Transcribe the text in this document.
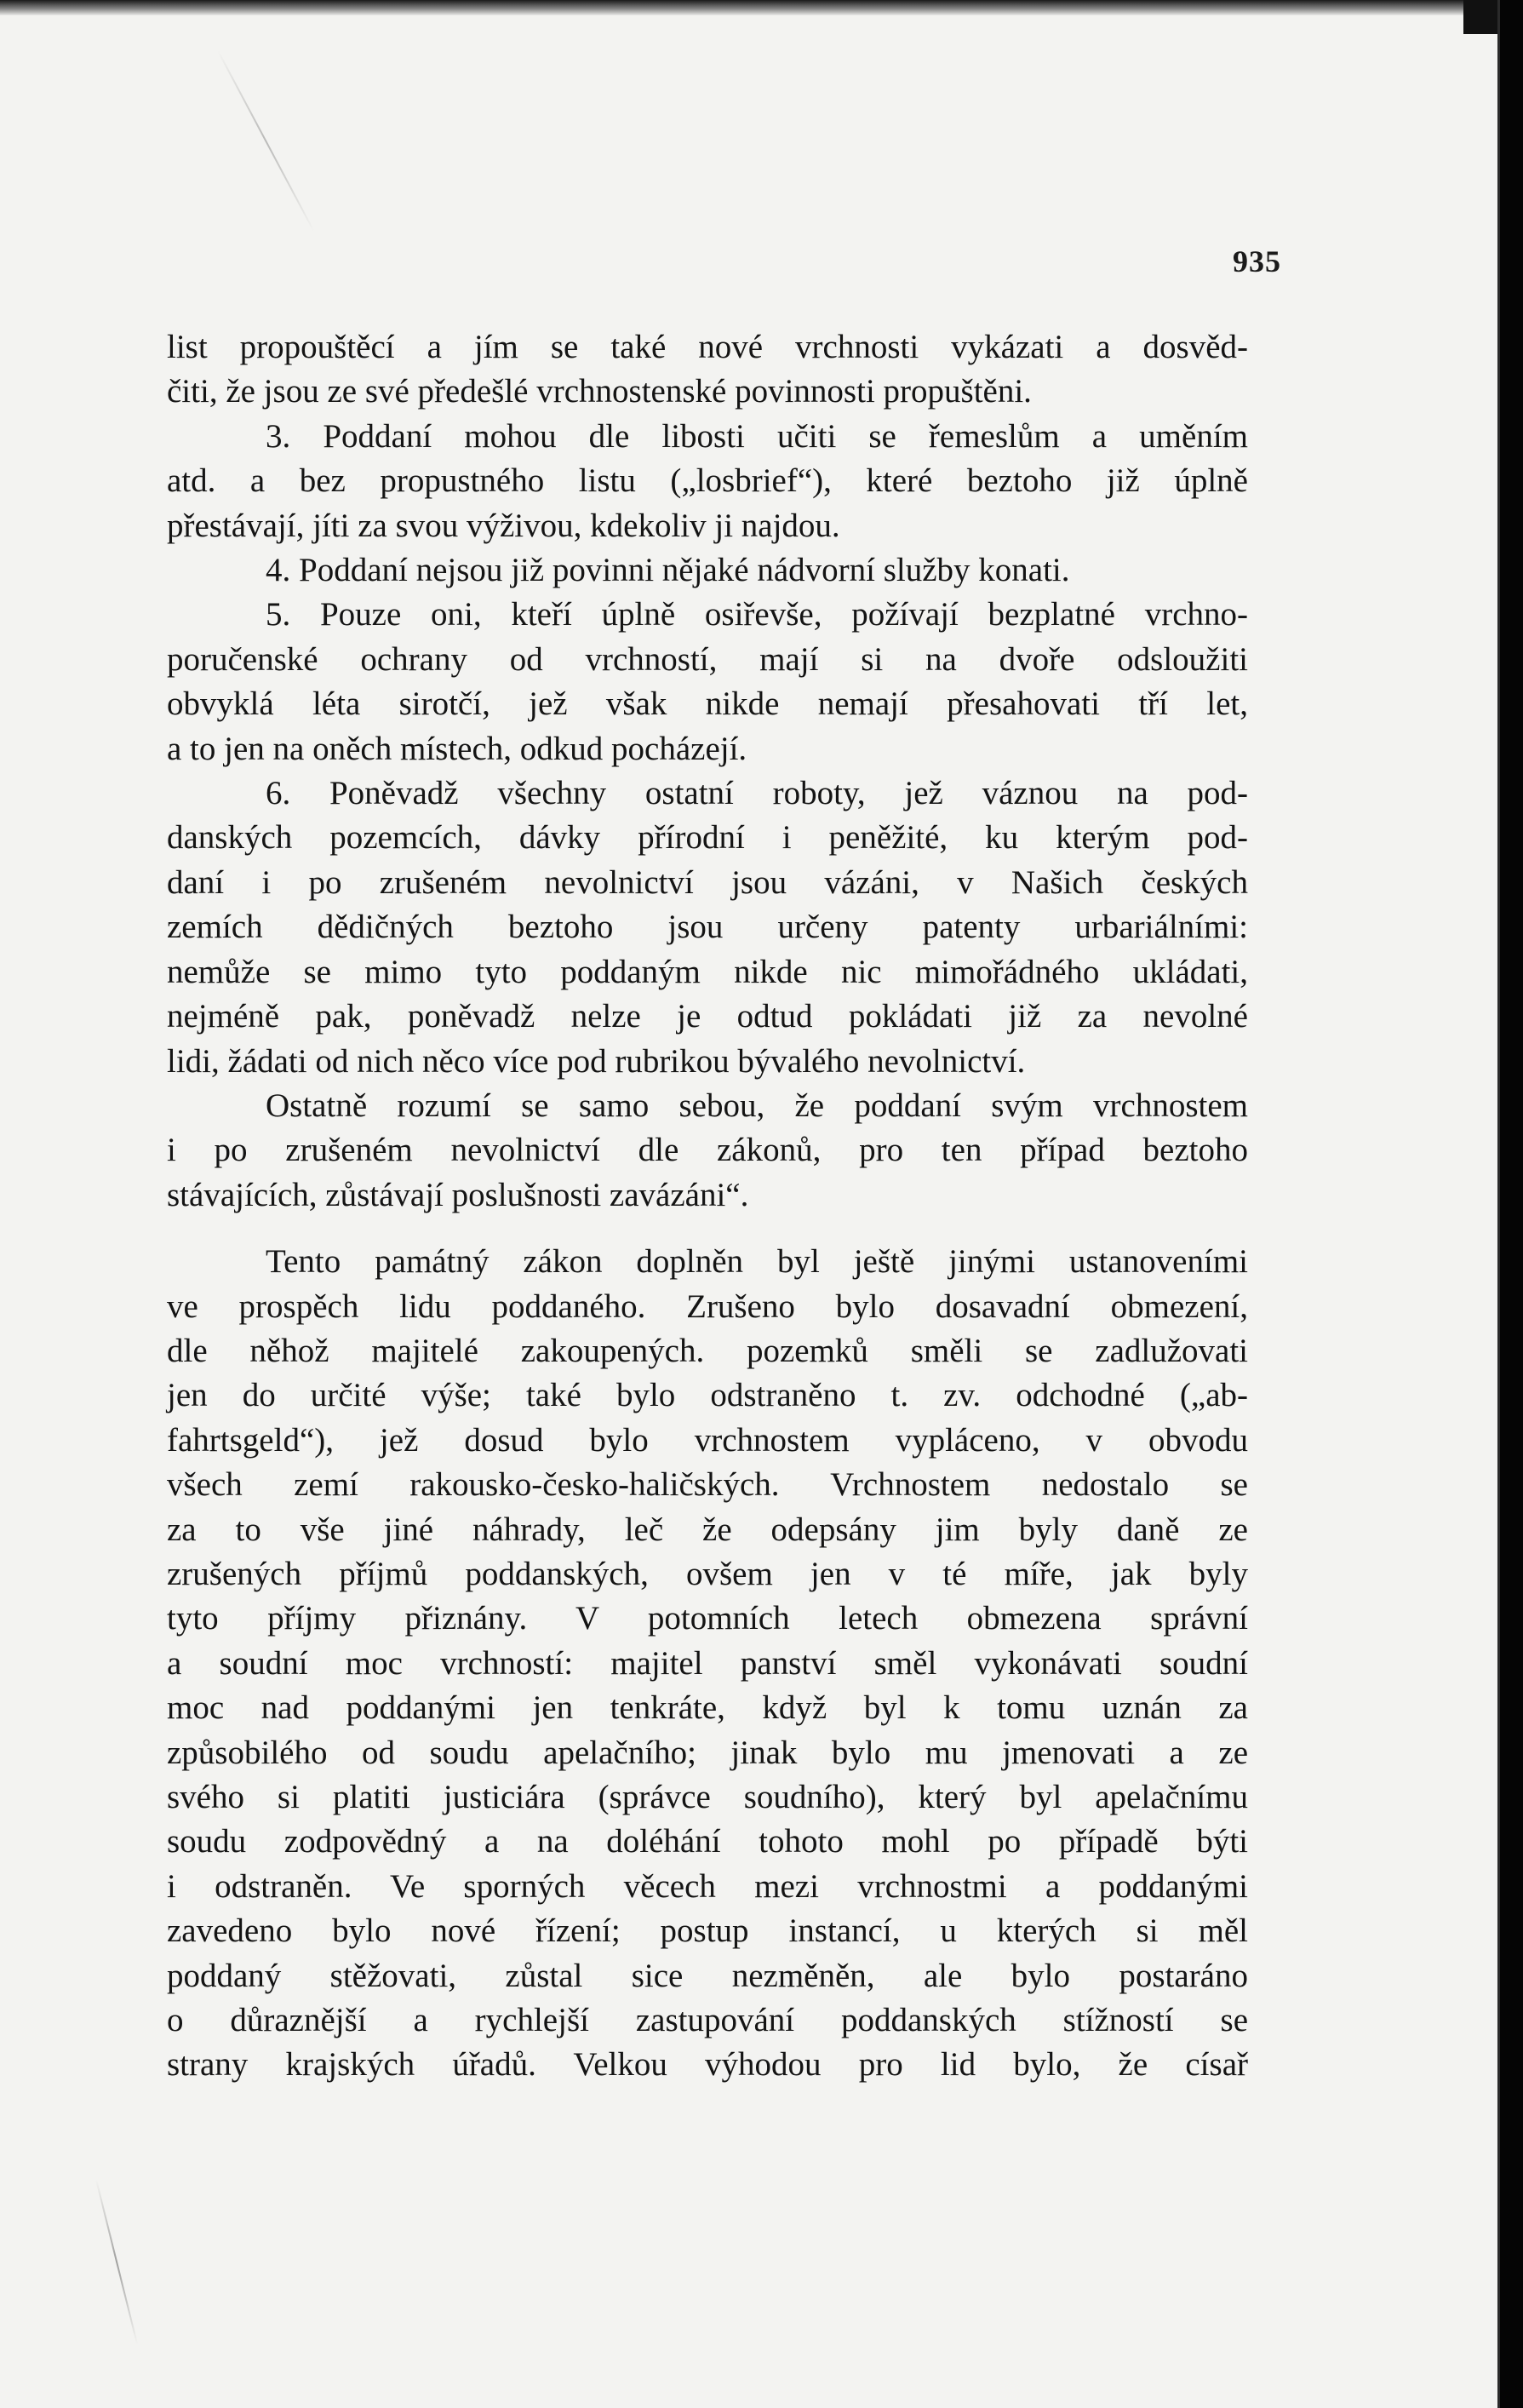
935
list propouštěcí a jím se také nové vrchnosti vykázati a dosvěd-
čiti, že jsou ze své předešlé vrchnostenské povinnosti propuštěni.
3. Poddaní mohou dle libosti učiti se řemeslům a uměním
atd. a bez propustného listu („losbrief“), které beztoho již úplně
přestávají, jíti za svou výživou, kdekoliv ji najdou.
4. Poddaní nejsou již povinni nějaké nádvorní služby konati.
5. Pouze oni, kteří úplně osiřevše, požívají bezplatné vrchno-
poručenské ochrany od vrchností, mají si na dvoře odsloužiti
obvyklá léta sirotčí, jež však nikde nemají přesahovati tří let,
a to jen na oněch místech, odkud pocházejí.
6. Poněvadž všechny ostatní roboty, jež váznou na pod-
danských pozemcích, dávky přírodní i peněžité, ku kterým pod-
daní i po zrušeném nevolnictví jsou vázáni, v Našich českých
zemích dědičných beztoho jsou určeny patenty urbariálními:
nemůže se mimo tyto poddaným nikde nic mimořádného ukládati,
nejméně pak, poněvadž nelze je odtud pokládati již za nevolné
lidi, žádati od nich něco více pod rubrikou bývalého nevolnictví.
Ostatně rozumí se samo sebou, že poddaní svým vrchnostem
i po zrušeném nevolnictví dle zákonů, pro ten případ beztoho
stávajících, zůstávají poslušnosti zavázáni“.
Tento památný zákon doplněn byl ještě jinými ustanoveními
ve prospěch lidu poddaného. Zrušeno bylo dosavadní obmezení,
dle něhož majitelé zakoupených. pozemků směli se zadlužovati
jen do určité výše; také bylo odstraněno t. zv. odchodné („ab-
fahrtsgeld“), jež dosud bylo vrchnostem vypláceno, v obvodu
všech zemí rakousko-česko-haličských. Vrchnostem nedostalo se
za to vše jiné náhrady, leč že odepsány jim byly daně ze
zrušených příjmů poddanských, ovšem jen v té míře, jak byly
tyto příjmy přiznány. V potomních letech obmezena správní
a soudní moc vrchností: majitel panství směl vykonávati soudní
moc nad poddanými jen tenkráte, když byl k tomu uznán za
způsobilého od soudu apelačního; jinak bylo mu jmenovati a ze
svého si platiti justiciára (správce soudního), který byl apelačnímu
soudu zodpovědný a na doléhání tohoto mohl po případě býti
i odstraněn. Ve sporných věcech mezi vrchnostmi a poddanými
zavedeno bylo nové řízení; postup instancí, u kterých si měl
poddaný stěžovati, zůstal sice nezměněn, ale bylo postaráno
o důraznější a rychlejší zastupování poddanských stížností se
strany krajských úřadů. Velkou výhodou pro lid bylo, že císař
